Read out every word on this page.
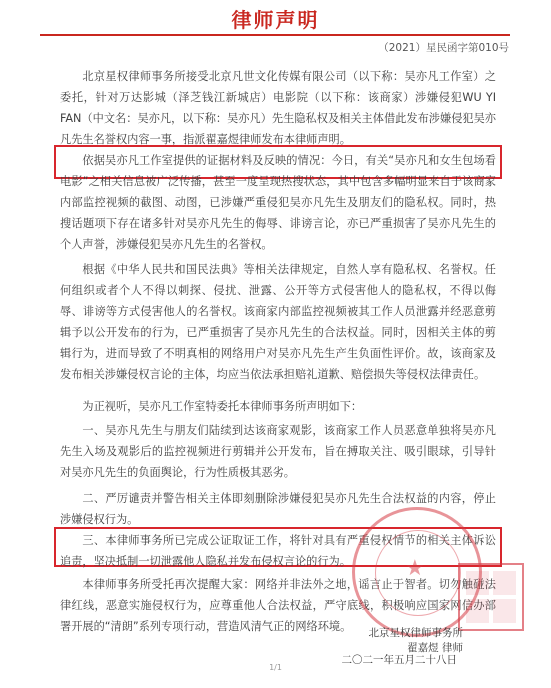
律师声明
（2021）星民函字第010号

北京星权律师事务所接受北京凡世文化传媒有限公司（以下称：吴亦凡工作室）之委托，针对万达影城（泽芝钱江新城店）电影院（以下称：该商家）涉嫌侵犯WU YI FAN（中文名：吴亦凡，以下称：吴亦凡）先生隐私权及相关主体借此发布涉嫌侵犯吴亦凡先生名誉权内容一事，指派翟嘉煜律师发布本律师声明。

依据吴亦凡工作室提供的证据材料及反映的情况：今日，有关“吴亦凡和女生包场看电影”之相关信息被广泛传播，甚至一度呈现热搜状态，其中包含多幅明显来自于该商家内部监控视频的截图、动图，已涉嫌严重侵犯吴亦凡先生及朋友们的隐私权。同时，热搜话题项下存在诸多针对吴亦凡先生的侮辱、诽谤言论，亦已严重损害了吴亦凡先生的个人声誉，涉嫌侵犯吴亦凡先生的名誉权。

根据《中华人民共和国民法典》等相关法律规定，自然人享有隐私权、名誉权。任何组织或者个人不得以刺探、侵扰、泄露、公开等方式侵害他人的隐私权，不得以侮辱、诽谤等方式侵害他人的名誉权。该商家内部监控视频被其工作人员泄露并经恶意剪辑予以公开发布的行为，已严重损害了吴亦凡先生的合法权益。同时，因相关主体的剪辑行为，进而导致了不明真相的网络用户对吴亦凡先生产生负面性评价。故，该商家及发布相关涉嫌侵权言论的主体，均应当依法承担赔礼道歉、赔偿损失等侵权法律责任。

为正视听，吴亦凡工作室特委托本律师事务所声明如下：

一、吴亦凡先生与朋友们陆续到达该商家观影，该商家工作人员恶意单独将吴亦凡先生入场及观影后的监控视频进行剪辑并公开发布，旨在搏取关注、吸引眼球，引导针对吴亦凡先生的负面舆论，行为性质极其恶劣。

二、严厉谴责并警告相关主体即刻删除涉嫌侵犯吴亦凡先生合法权益的内容，停止涉嫌侵权行为。

三、本律师事务所已完成公证取证工作，将针对具有严重侵权情节的相关主体诉讼追责，坚决抵制一切泄露他人隐私并发布侵权言论的行为。

本律师事务所受托再次提醒大家：网络并非法外之地，谣言止于智者。切勿触碰法律红线，恶意实施侵权行为，应尊重他人合法权益，严守底线，积极响应国家网信办部署开展的“清朗”系列专项行动，营造风清气正的网络环境。

★
北京星权律师事务所
翟嘉煜 律师
二〇二一年五月二十八日
1/1
